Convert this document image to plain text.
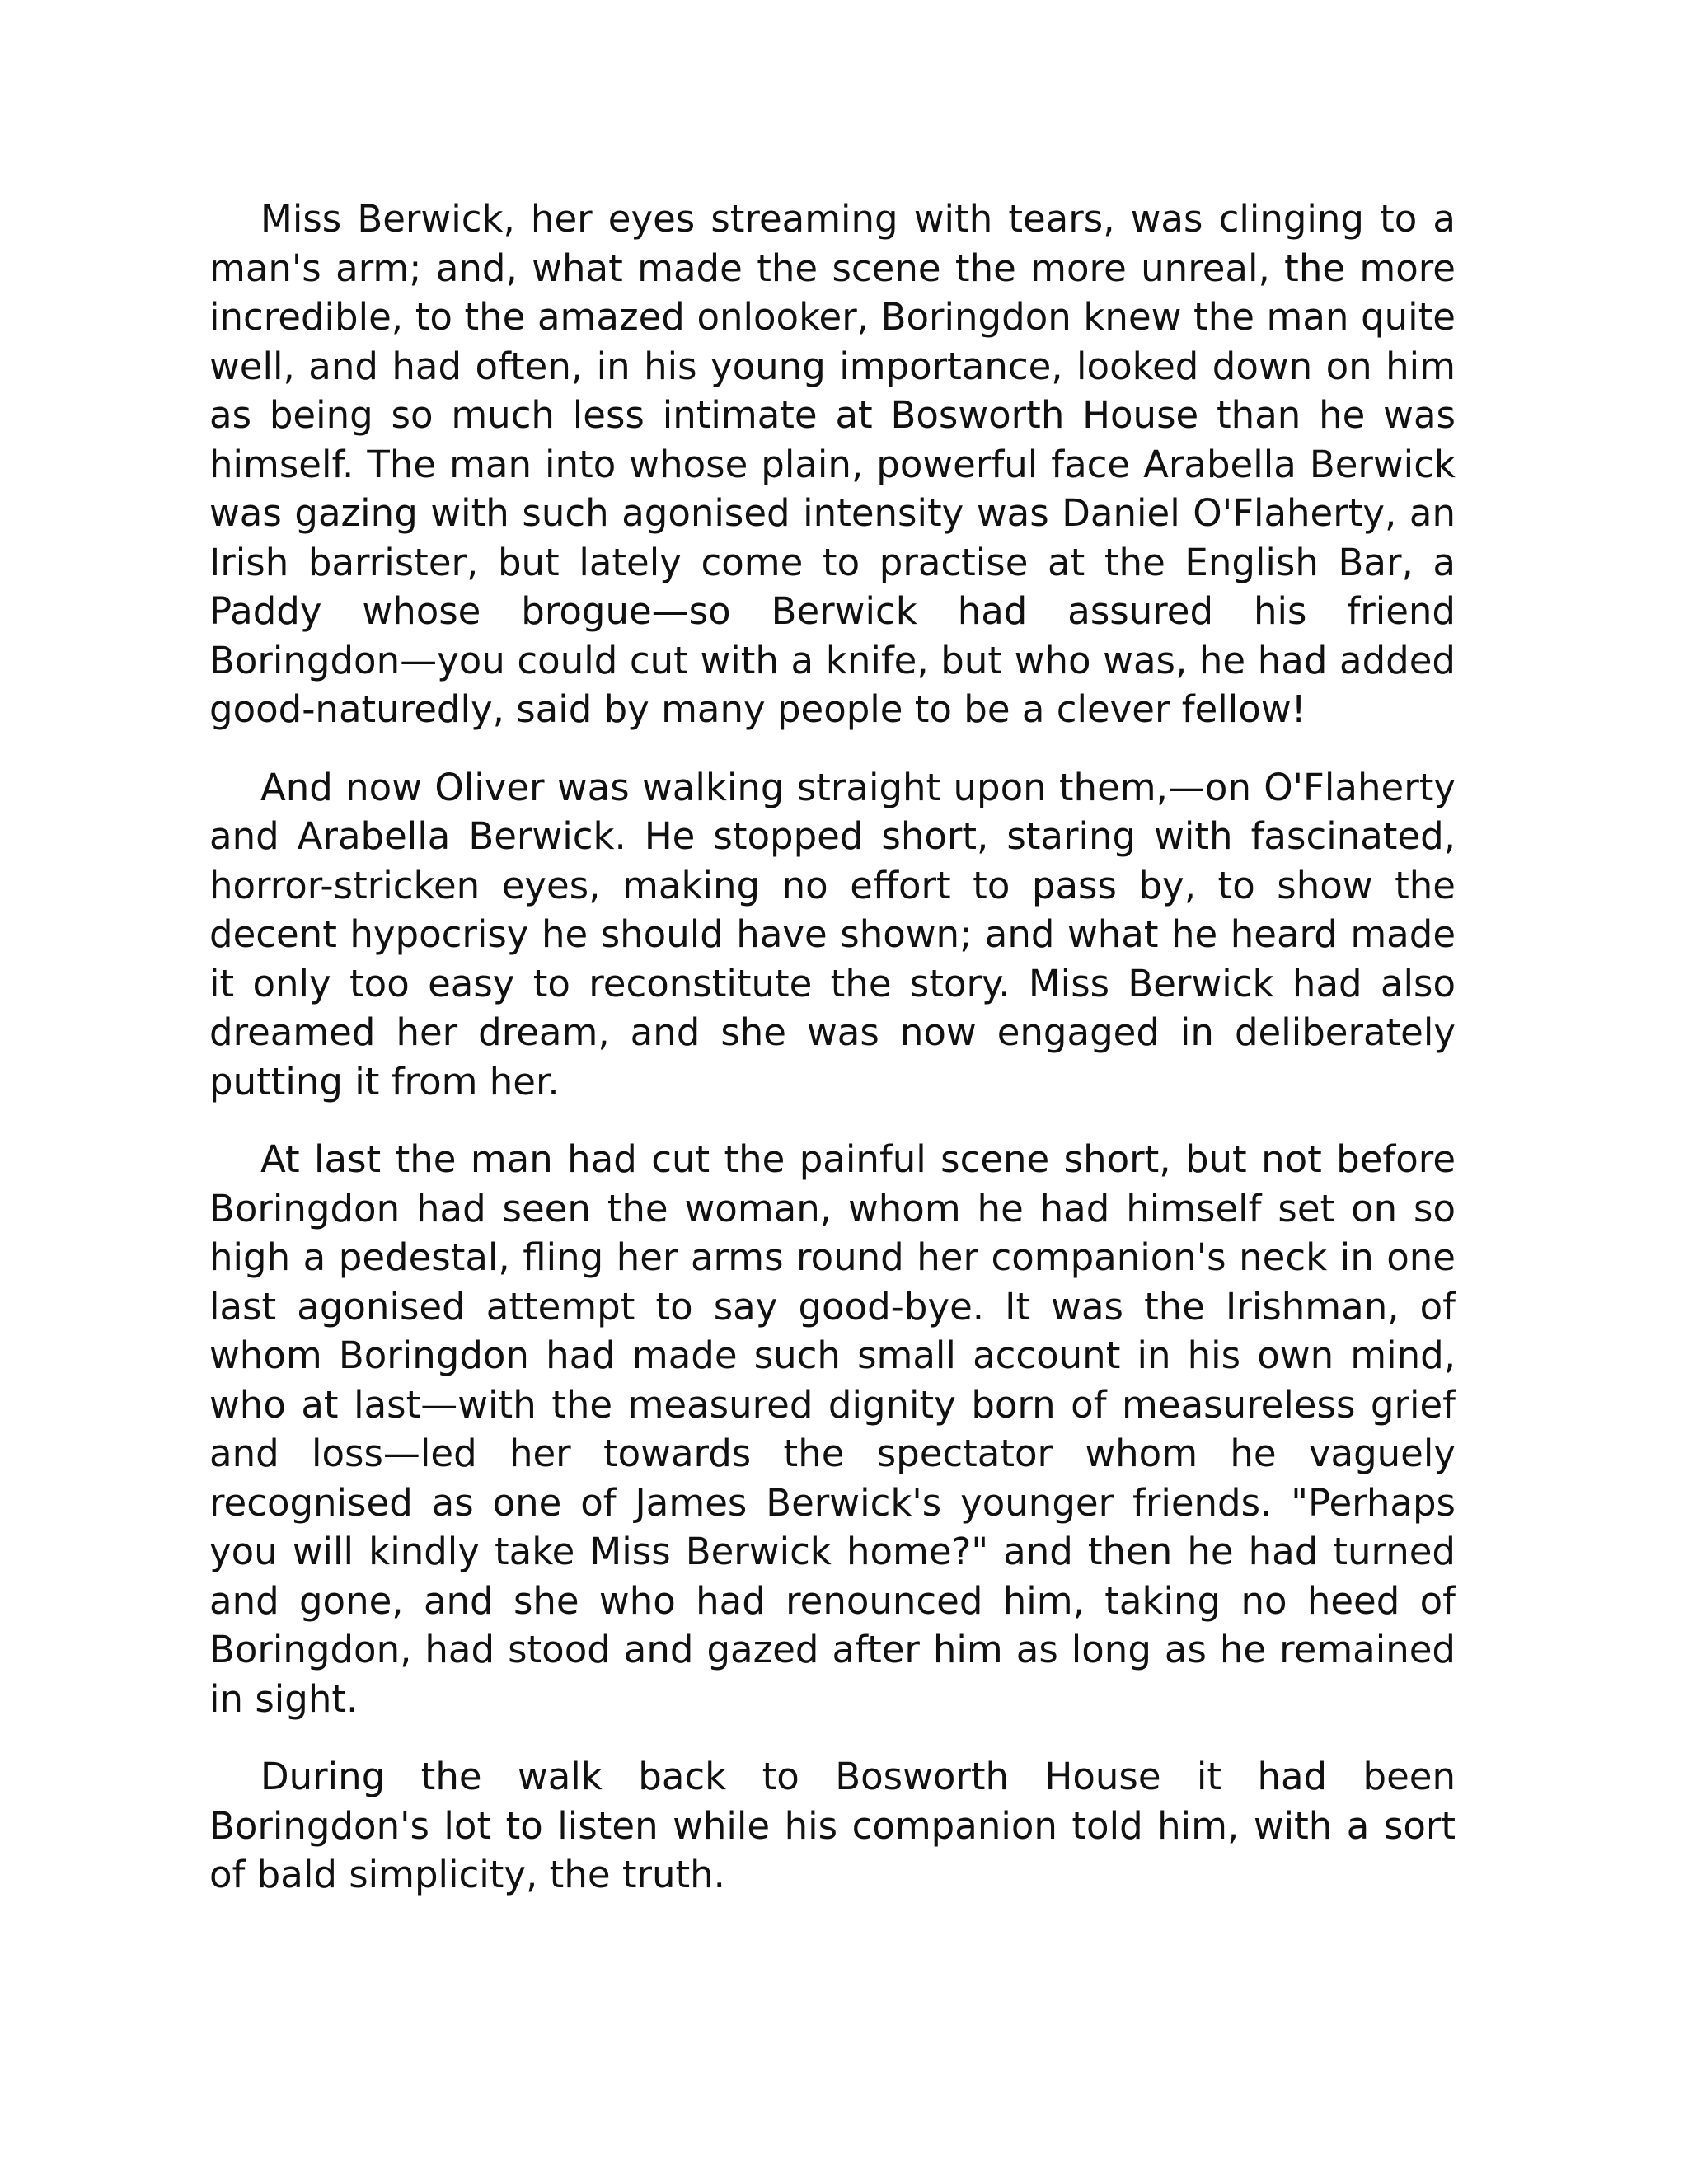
Miss Berwick, her eyes streaming with tears, was clinging to a man's arm; and, what made the scene the more unreal, the more incredible, to the amazed onlooker, Boringdon knew the man quite well, and had often, in his young importance, looked down on him as being so much less intimate at Bosworth House than he was himself. The man into whose plain, powerful face Arabella Berwick was gazing with such agonised intensity was Daniel O'Flaherty, an Irish barrister, but lately come to practise at the English Bar, a Paddy whose brogue—so Berwick had assured his friend Boringdon—you could cut with a knife, but who was, he had added good-naturedly, said by many people to be a clever fellow!

And now Oliver was walking straight upon them,—on O'Flaherty and Arabella Berwick. He stopped short, staring with fascinated, horror-stricken eyes, making no effort to pass by, to show the decent hypocrisy he should have shown; and what he heard made it only too easy to reconstitute the story. Miss Berwick had also dreamed her dream, and she was now engaged in deliberately putting it from her.

At last the man had cut the painful scene short, but not before Boringdon had seen the woman, whom he had himself set on so high a pedestal, fling her arms round her companion's neck in one last agonised attempt to say good-bye. It was the Irishman, of whom Boringdon had made such small account in his own mind, who at last—with the measured dignity born of measureless grief and loss—led her towards the spectator whom he vaguely recognised as one of James Berwick's younger friends. "Perhaps you will kindly take Miss Berwick home?" and then he had turned and gone, and she who had renounced him, taking no heed of Boringdon, had stood and gazed after him as long as he remained in sight.

During the walk back to Bosworth House it had been Boringdon's lot to listen while his companion told him, with a sort of bald simplicity, the truth.
